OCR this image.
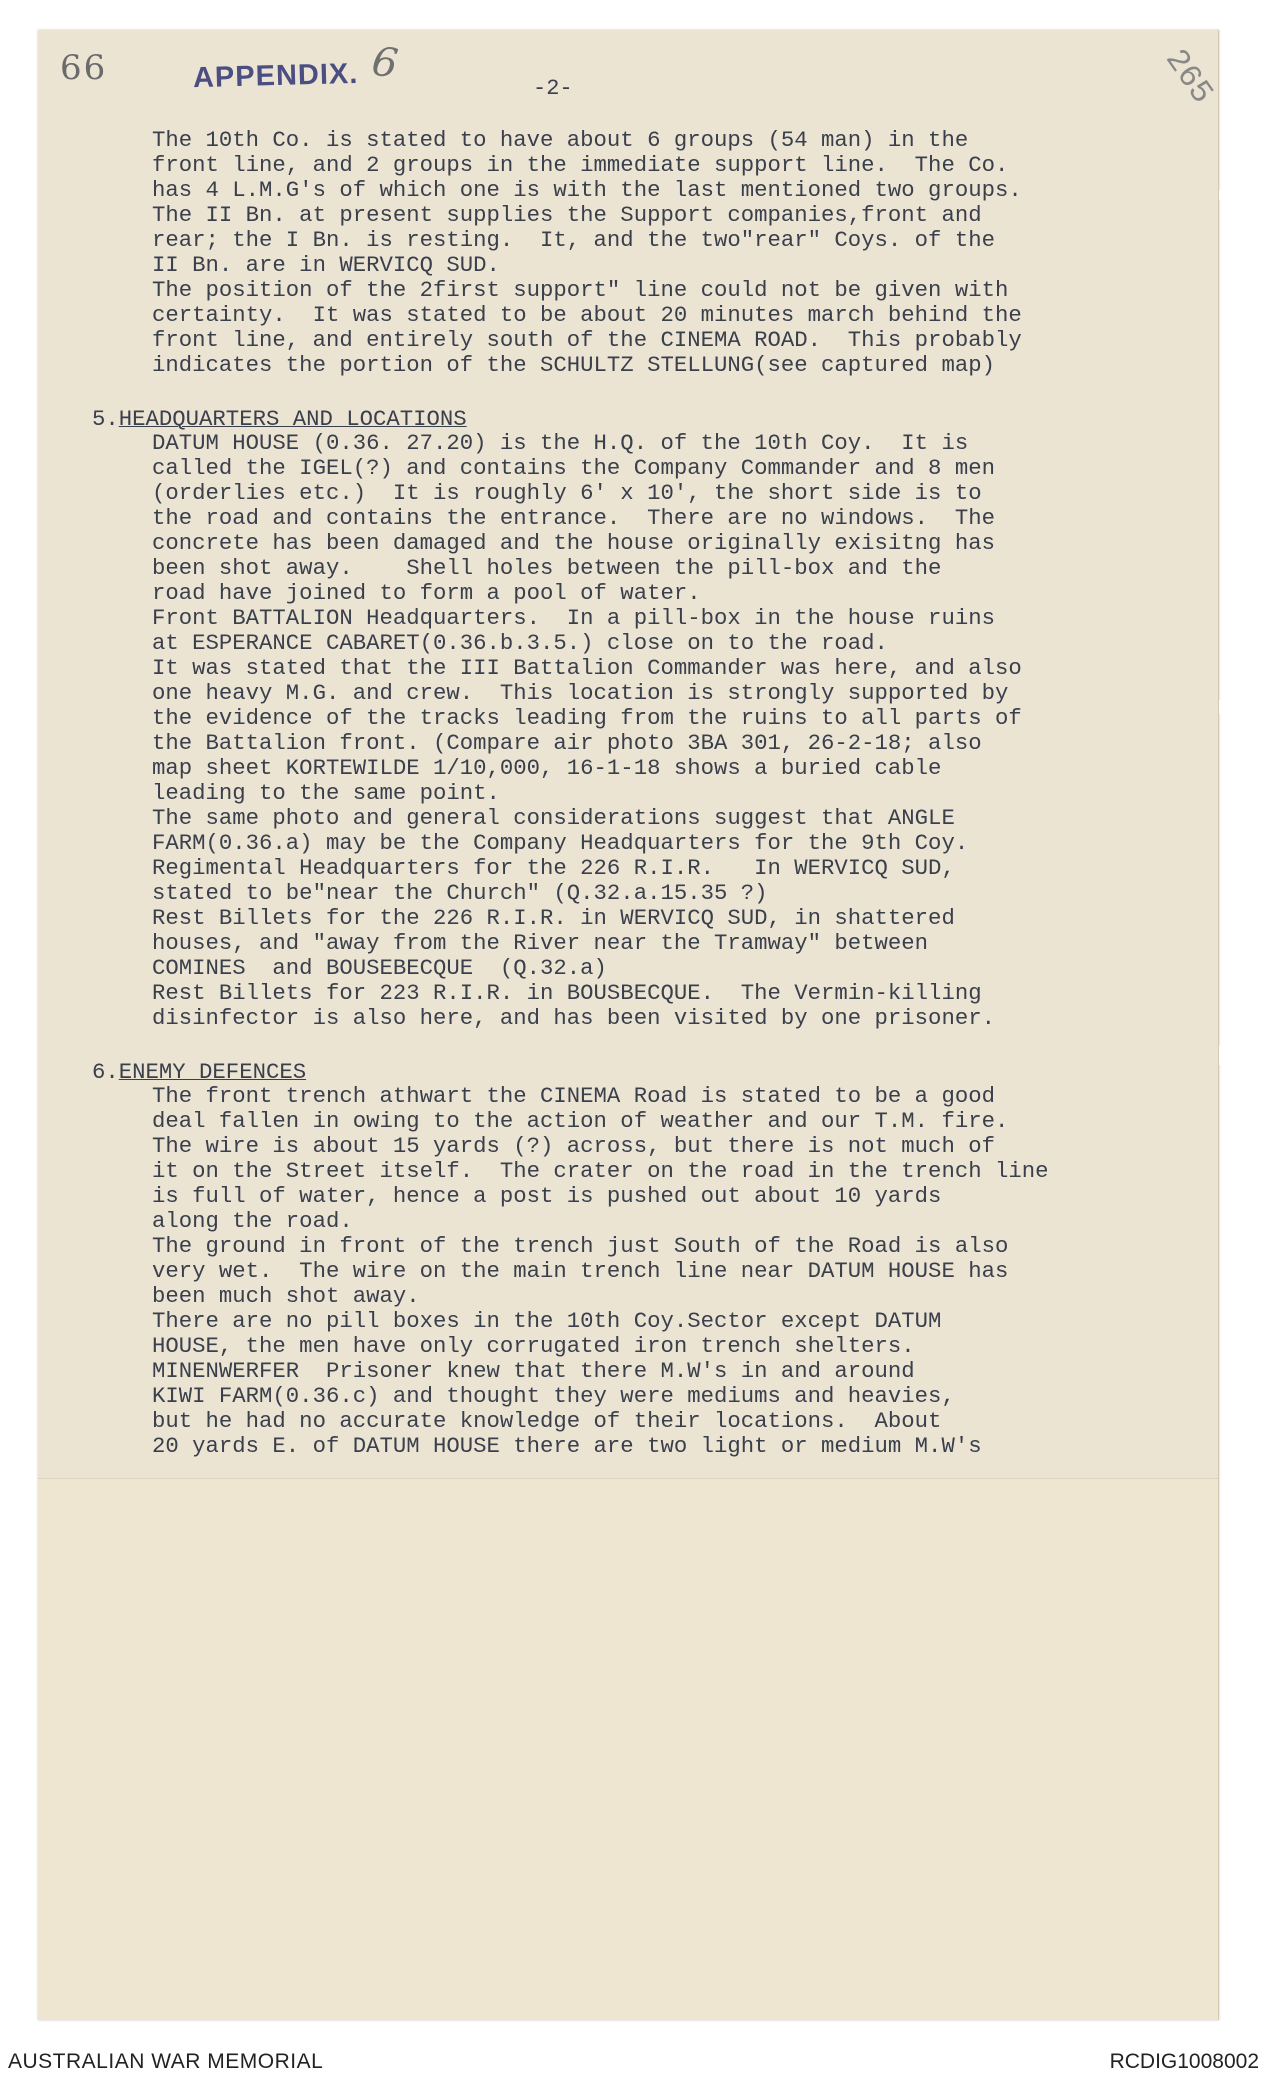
66	APPENDIX. 6
-2-	265
The 10th Co. is stated to have about 6 groups (54 man) in the
front line, and 2 groups in the immediate support line.  The Co.
has 4 L.M.G's of which one is with the last mentioned two groups.
The II Bn. at present supplies the Support companies,front and
rear; the I Bn. is resting.  It, and the two"rear" Coys. of the
II Bn. are in WERVICQ SUD.
The position of the 2first support" line could not be given with
certainty.  It was stated to be about 20 minutes march behind the
front line, and entirely south of the CINEMA ROAD.  This probably
indicates the portion of the SCHULTZ STELLUNG(see captured map)
5.HEADQUARTERS AND LOCATIONS
DATUM HOUSE (0.36. 27.20) is the H.Q. of the 10th Coy.  It is
called the IGEL(?) and contains the Company Commander and 8 men
(orderlies etc.)  It is roughly 6' x 10', the short side is to
the road and contains the entrance.  There are no windows.  The
concrete has been damaged and the house originally exisitng has
been shot away.    Shell holes between the pill-box and the
road have joined to form a pool of water.
Front BATTALION Headquarters.  In a pill-box in the house ruins
at ESPERANCE CABARET(0.36.b.3.5.) close on to the road.
It was stated that the III Battalion Commander was here, and also
one heavy M.G. and crew.  This location is strongly supported by
the evidence of the tracks leading from the ruins to all parts of
the Battalion front. (Compare air photo 3BA 301, 26-2-18; also
map sheet KORTEWILDE 1/10,000, 16-1-18 shows a buried cable
leading to the same point.
The same photo and general considerations suggest that ANGLE
FARM(0.36.a) may be the Company Headquarters for the 9th Coy.
Regimental Headquarters for the 226 R.I.R.   In WERVICQ SUD,
stated to be"near the Church" (Q.32.a.15.35 ?)
Rest Billets for the 226 R.I.R. in WERVICQ SUD, in shattered
houses, and "away from the River near the Tramway" between
COMINES  and BOUSEBECQUE  (Q.32.a)
Rest Billets for 223 R.I.R. in BOUSBECQUE.  The Vermin-killing
disinfector is also here, and has been visited by one prisoner.
6.ENEMY DEFENCES
The front trench athwart the CINEMA Road is stated to be a good
deal fallen in owing to the action of weather and our T.M. fire.
The wire is about 15 yards (?) across, but there is not much of
it on the Street itself.  The crater on the road in the trench line
is full of water, hence a post is pushed out about 10 yards
along the road.
The ground in front of the trench just South of the Road is also
very wet.  The wire on the main trench line near DATUM HOUSE has
been much shot away.
There are no pill boxes in the 10th Coy.Sector except DATUM
HOUSE, the men have only corrugated iron trench shelters.
MINENWERFER  Prisoner knew that there M.W's in and around
KIWI FARM(0.36.c) and thought they were mediums and heavies,
but he had no accurate knowledge of their locations.  About
20 yards E. of DATUM HOUSE there are two light or medium M.W's
AUSTRALIAN WAR MEMORIAL	RCDIG1008002
